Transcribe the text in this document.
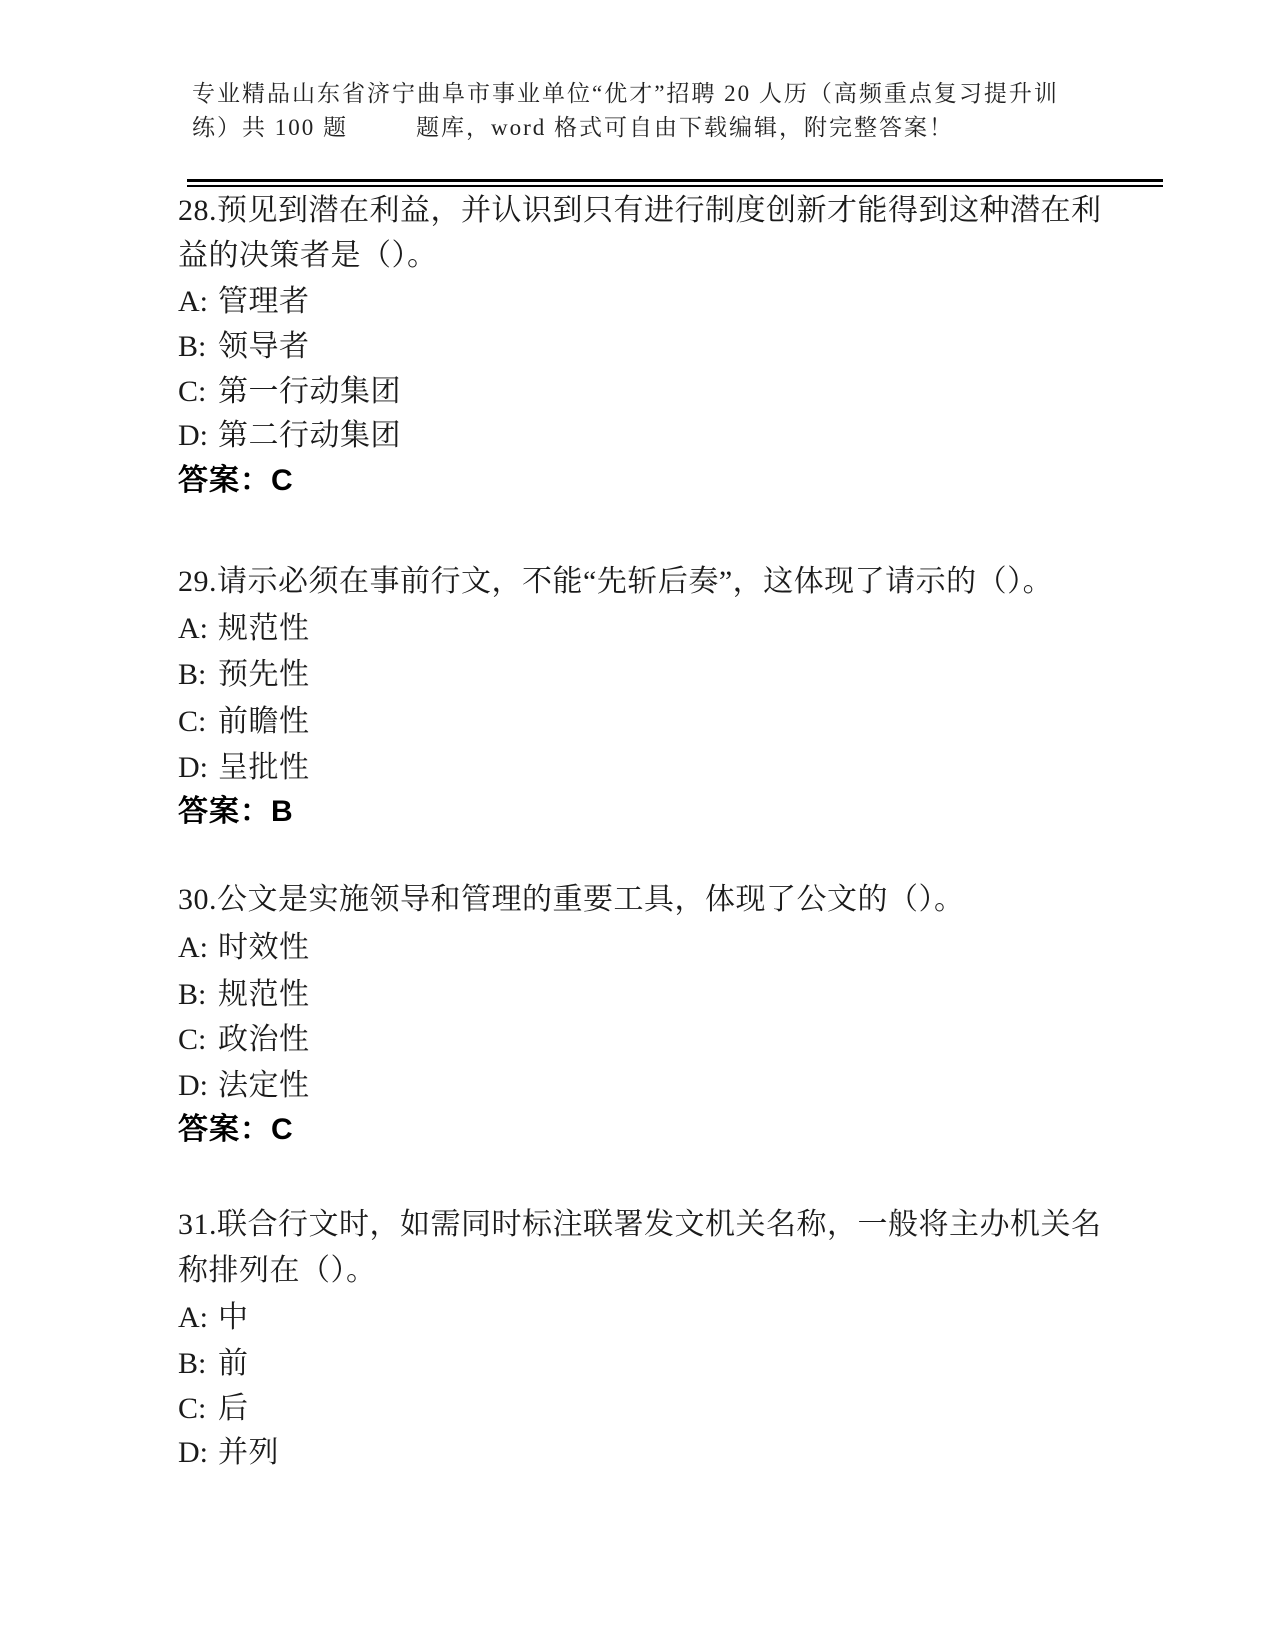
专业精品山东省济宁曲阜市事业单位“优才”招聘 20 人历（高频重点复习提升训
练）共 100 题	题库，word 格式可自由下载编辑，附完整答案！
28.预见到潜在利益，并认识到只有进行制度创新才能得到这种潜在利
益的决策者是（）。
A: 管理者
B: 领导者
C: 第一行动集团
D: 第二行动集团
答案：C
29.请示必须在事前行文，不能“先斩后奏”，这体现了请示的（）。
A: 规范性
B: 预先性
C: 前瞻性
D: 呈批性
答案：B
30.公文是实施领导和管理的重要工具，体现了公文的（）。
A: 时效性
B: 规范性
C: 政治性
D: 法定性
答案：C
31.联合行文时，如需同时标注联署发文机关名称，一般将主办机关名
称排列在（）。
A: 中
B: 前
C: 后
D: 并列
